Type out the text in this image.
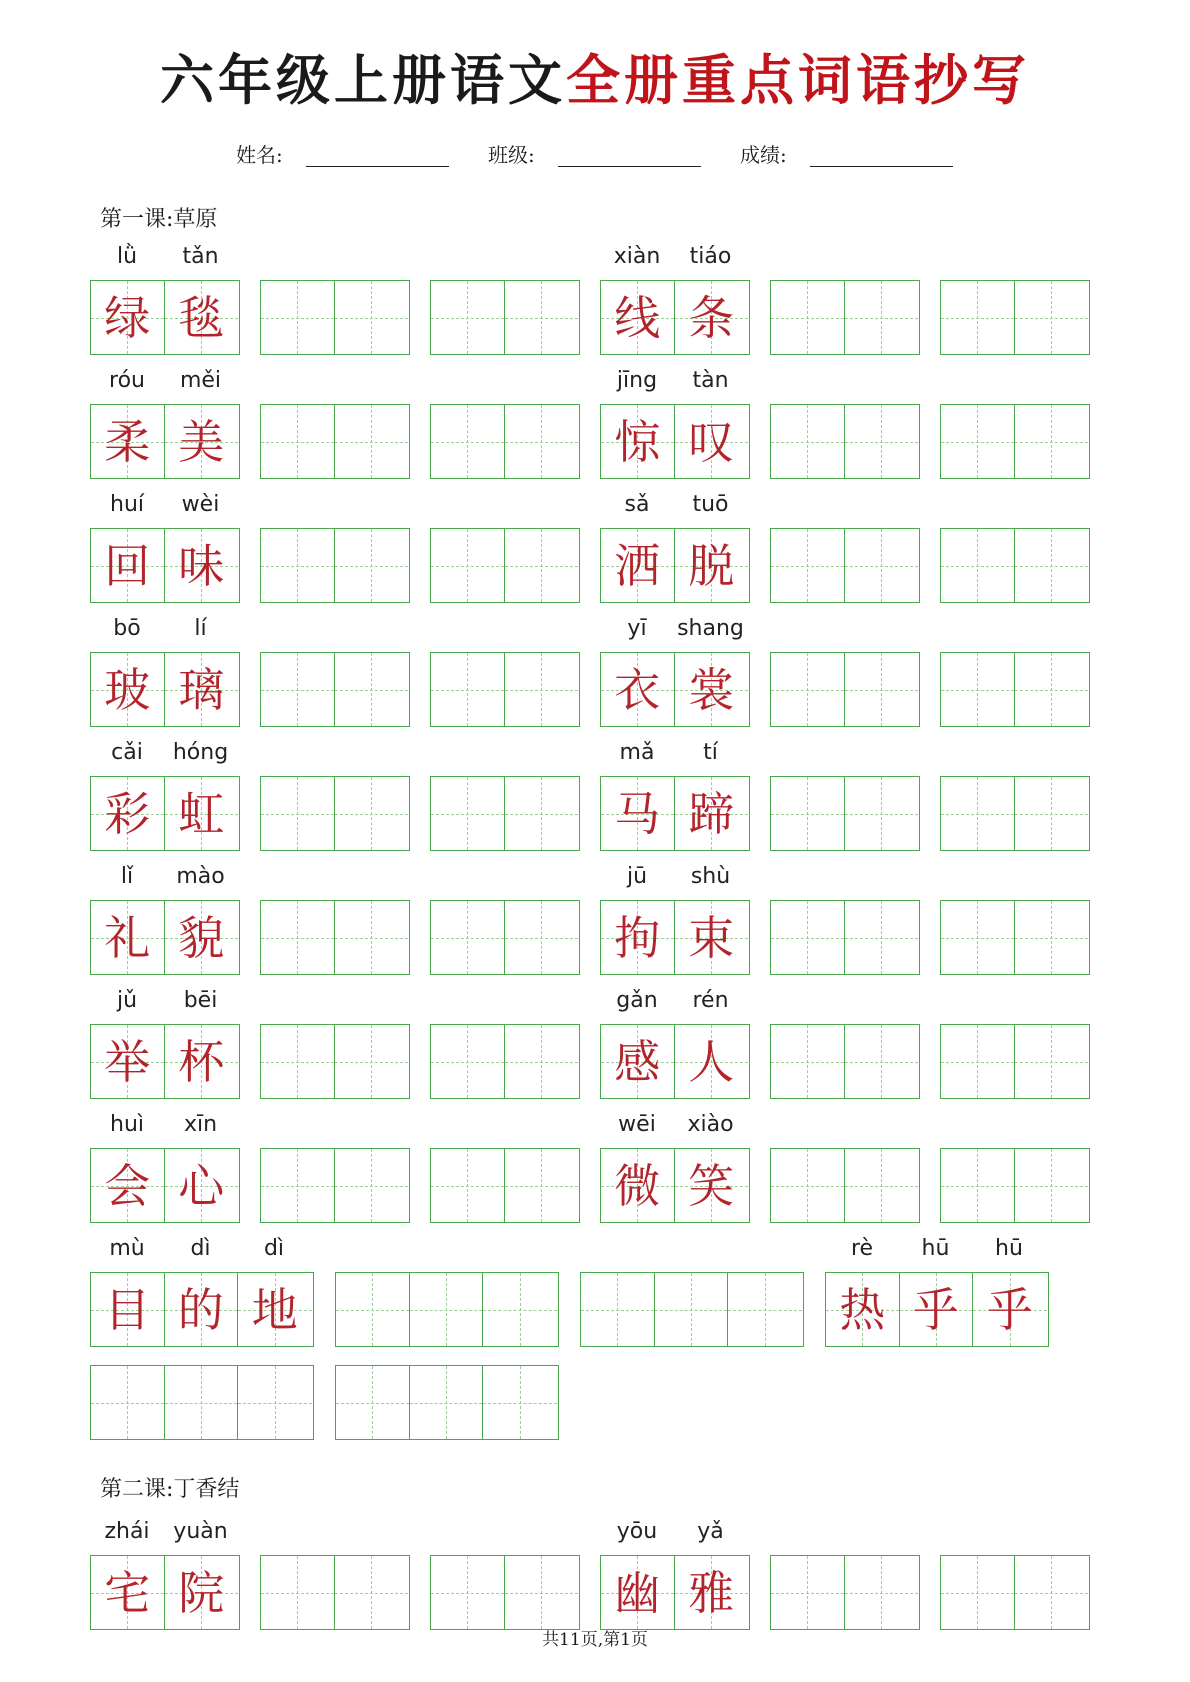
六年级上册语文全册重点词语抄写
姓名:	班级:	成绩:
第一课:草原
第二课:丁香结
绿 毯
lǜ	tǎn
线 条
xiàn	tiáo
柔 美
róu	měi
惊 叹
jīng	tàn
回 味
huí	wèi
洒 脱
sǎ	tuō
玻 璃
bō	lí
衣 裳
yī	shang
彩 虹
cǎi	hóng
马 蹄
mǎ	tí
礼 貌
lǐ	mào
拘 束
jū	shù
举 杯
jǔ	bēi
感 人
gǎn	rén
会 心
huì	xīn
微 笑
wēi	xiào
目 的 地
mù	dì	dì
热 乎 乎
rè	hū	hū
宅 院
zhái	yuàn
幽 雅
yōu	yǎ
共11页,第1页
